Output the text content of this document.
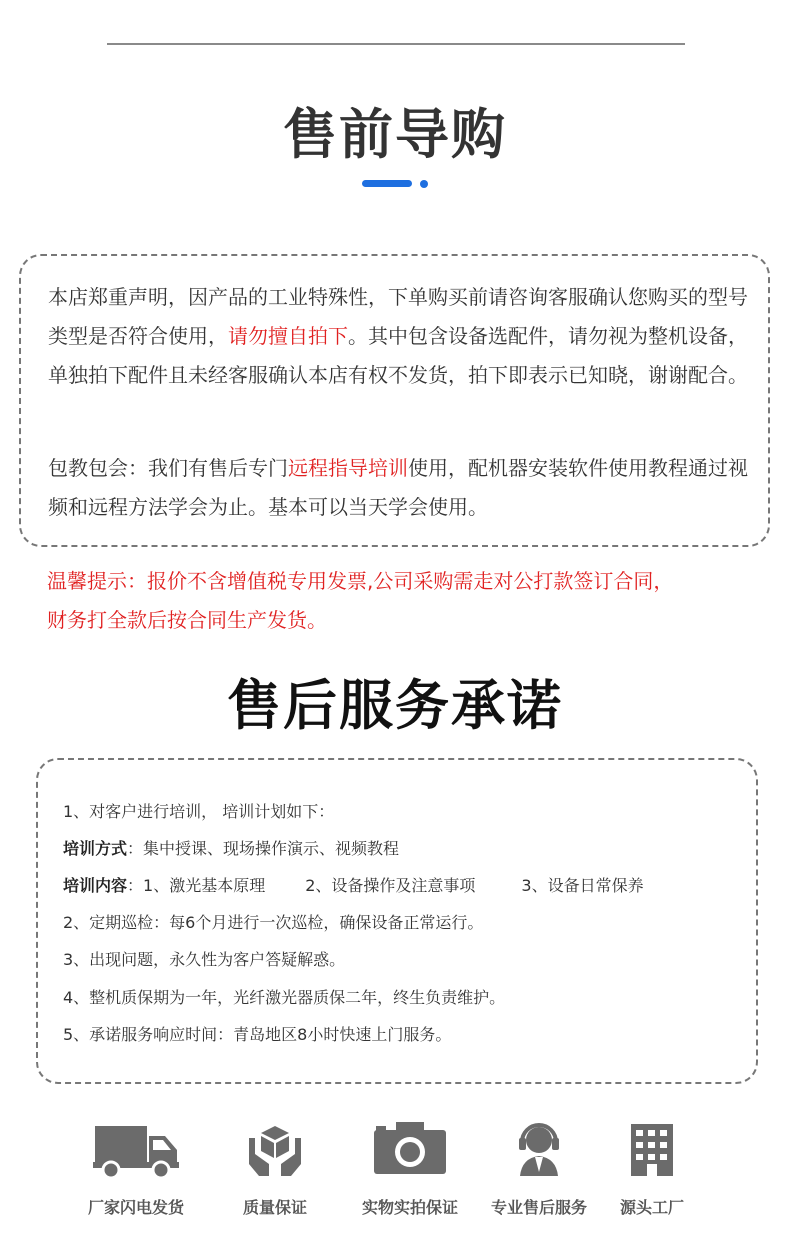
售前导购

本店郑重声明，因产品的工业特殊性，下单购买前请咨询客服确认您购买的型号类型是否符合使用，请勿擅自拍下。其中包含设备选配件，请勿视为整机设备，单独拍下配件且未经客服确认本店有权不发货，拍下即表示已知晓，谢谢配合。

包教包会：我们有售后专门远程指导培训使用，配机器安装软件使用教程通过视频和远程方法学会为止。基本可以当天学会使用。

温馨提示：报价不含增值税专用发票,公司采购需走对公打款签订合同，
财务打全款后按合同生产发货。

售后服务承诺
1、对客户进行培训， 培训计划如下：
培训方式：集中授课、现场操作演示、视频教程
培训内容：1、激光基本原理	2、设备操作及注意事项	3、设备日常保养
2、定期巡检：每6个月进行一次巡检，确保设备正常运行。
3、出现问题，永久性为客户答疑解惑。
4、整机质保期为一年，光纤激光器质保二年，终生负责维护。
5、承诺服务响应时间：青岛地区8小时快速上门服务。
厂家闪电发货	质量保证	实物实拍保证	专业售后服务	源头工厂
